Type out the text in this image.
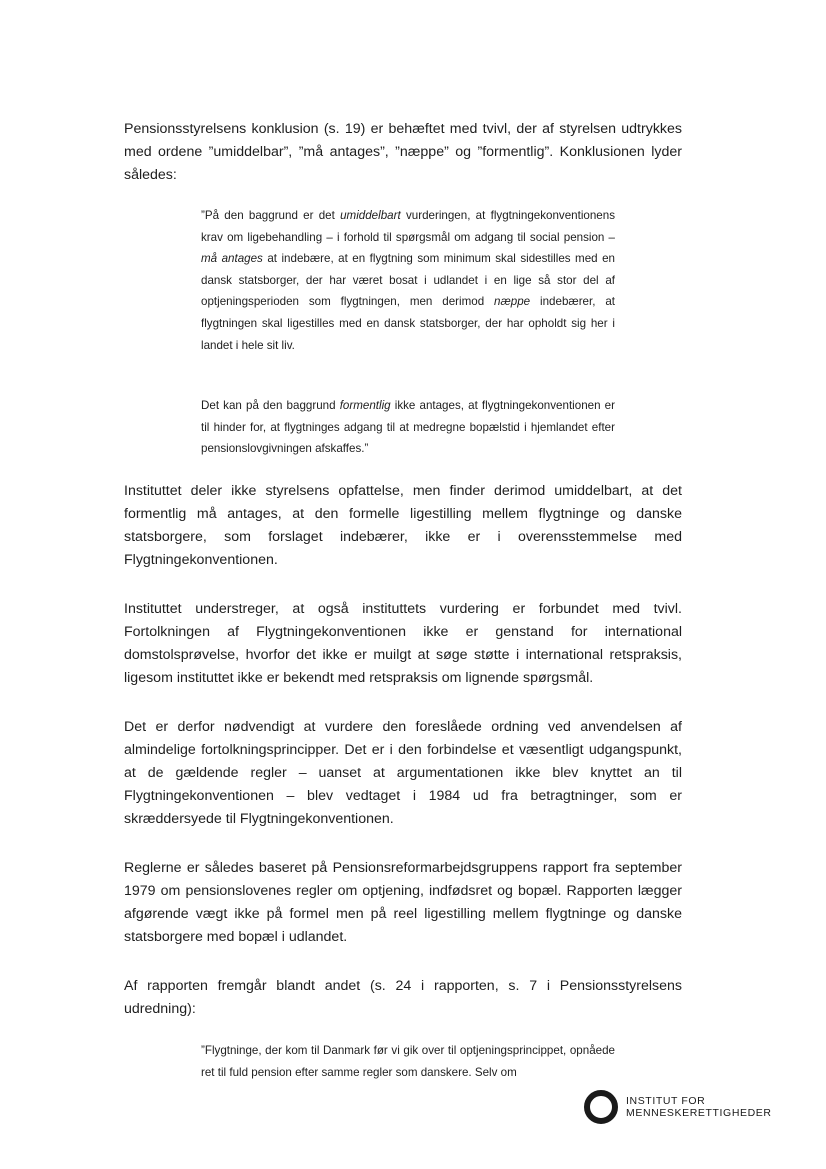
Pensionsstyrelsens konklusion (s. 19) er behæftet med tvivl, der af styrelsen udtrykkes med ordene ”umiddelbar”, ”må antages”, ”næppe” og ”formentlig”. Konklusionen lyder således:

”På den baggrund er det umiddelbart vurderingen, at flygtningekonventionens krav om ligebehandling – i forhold til spørgsmål om adgang til social pension – må antages at indebære, at en flygtning som minimum skal sidestilles med en dansk statsborger, der har været bosat i udlandet i en lige så stor del af optjeningsperioden som flygtningen, men derimod næppe indebærer, at flygtningen skal ligestilles med en dansk statsborger, der har opholdt sig her i landet i hele sit liv.

Det kan på den baggrund formentlig ikke antages, at flygtningekonventionen er til hinder for, at flygtninges adgang til at medregne bopælstid i hjemlandet efter pensionslovgivningen afskaffes.”

Instituttet deler ikke styrelsens opfattelse, men finder derimod umiddelbart, at det formentlig må antages, at den formelle ligestilling mellem flygtninge og danske statsborgere, som forslaget indebærer, ikke er i overensstemmelse med Flygtningekonventionen.

Instituttet understreger, at også instituttets vurdering er forbundet med tvivl. Fortolkningen af Flygtningekonventionen ikke er genstand for international domstolsprøvelse, hvorfor det ikke er muilgt at søge støtte i international retspraksis, ligesom instituttet ikke er bekendt med retspraksis om lignende spørgsmål.

Det er derfor nødvendigt at vurdere den foreslåede ordning ved anvendelsen af almindelige fortolkningsprincipper. Det er i den forbindelse et væsentligt udgangspunkt, at de gældende regler – uanset at argumentationen ikke blev knyttet an til Flygtningekonventionen – blev vedtaget i 1984 ud fra betragtninger, som er skræddersyede til Flygtningekonventionen.

Reglerne er således baseret på Pensionsreformarbejdsgruppens rapport fra september 1979 om pensionslovenes regler om optjening, indfødsret og bopæl. Rapporten lægger afgørende vægt ikke på formel men på reel ligestilling mellem flygtninge og danske statsborgere med bopæl i udlandet.

Af rapporten fremgår blandt andet (s. 24 i rapporten, s. 7 i Pensionsstyrelsens udredning):

”Flygtninge, der kom til Danmark før vi gik over til optjeningsprincippet, opnåede ret til fuld pension efter samme regler som danskere. Selv om

INSTITUT FOR
MENNESKERETTIGHEDER
